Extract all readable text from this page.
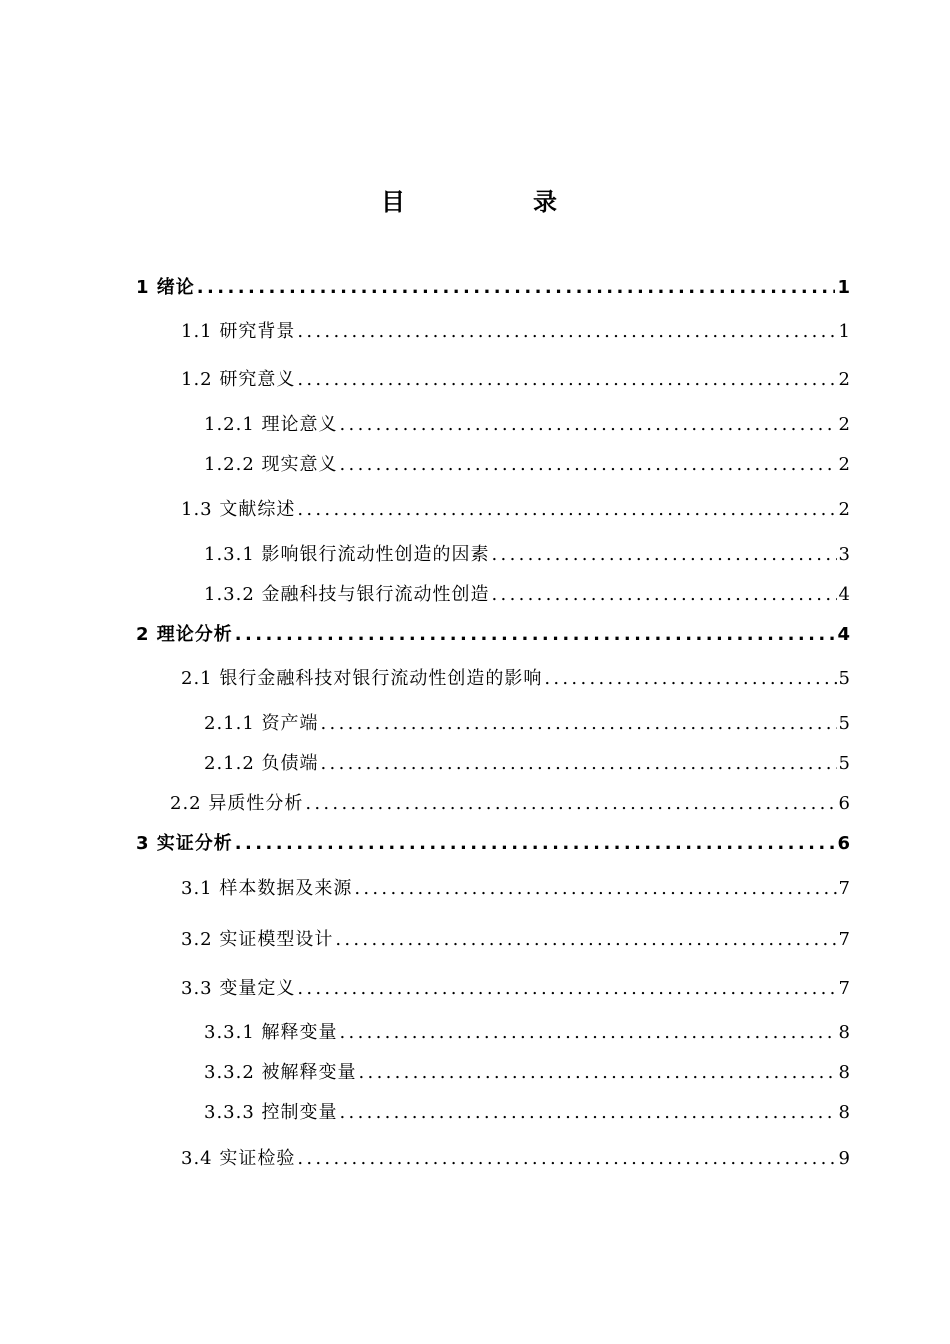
目　录
1 绪论 .....	1
1.1 研究背景 .....	1
1.2 研究意义 .....	2
1.2.1 理论意义 .....	2
1.2.2 现实意义 .....	2
1.3 文献综述 .....	2
1.3.1 影响银行流动性创造的因素 .....	3
1.3.2 金融科技与银行流动性创造 .....	4
2 理论分析 .....	4
2.1 银行金融科技对银行流动性创造的影响 .....	5
2.1.1 资产端 .....	5
2.1.2 负债端 .....	5
2.2 异质性分析 .....	6
3 实证分析 .....	6
3.1 样本数据及来源 .....	7
3.2 实证模型设计 .....	7
3.3 变量定义 .....	7
3.3.1 解释变量 .....	8
3.3.2 被解释变量 .....	8
3.3.3 控制变量 .....	8
3.4 实证检验 .....	9
